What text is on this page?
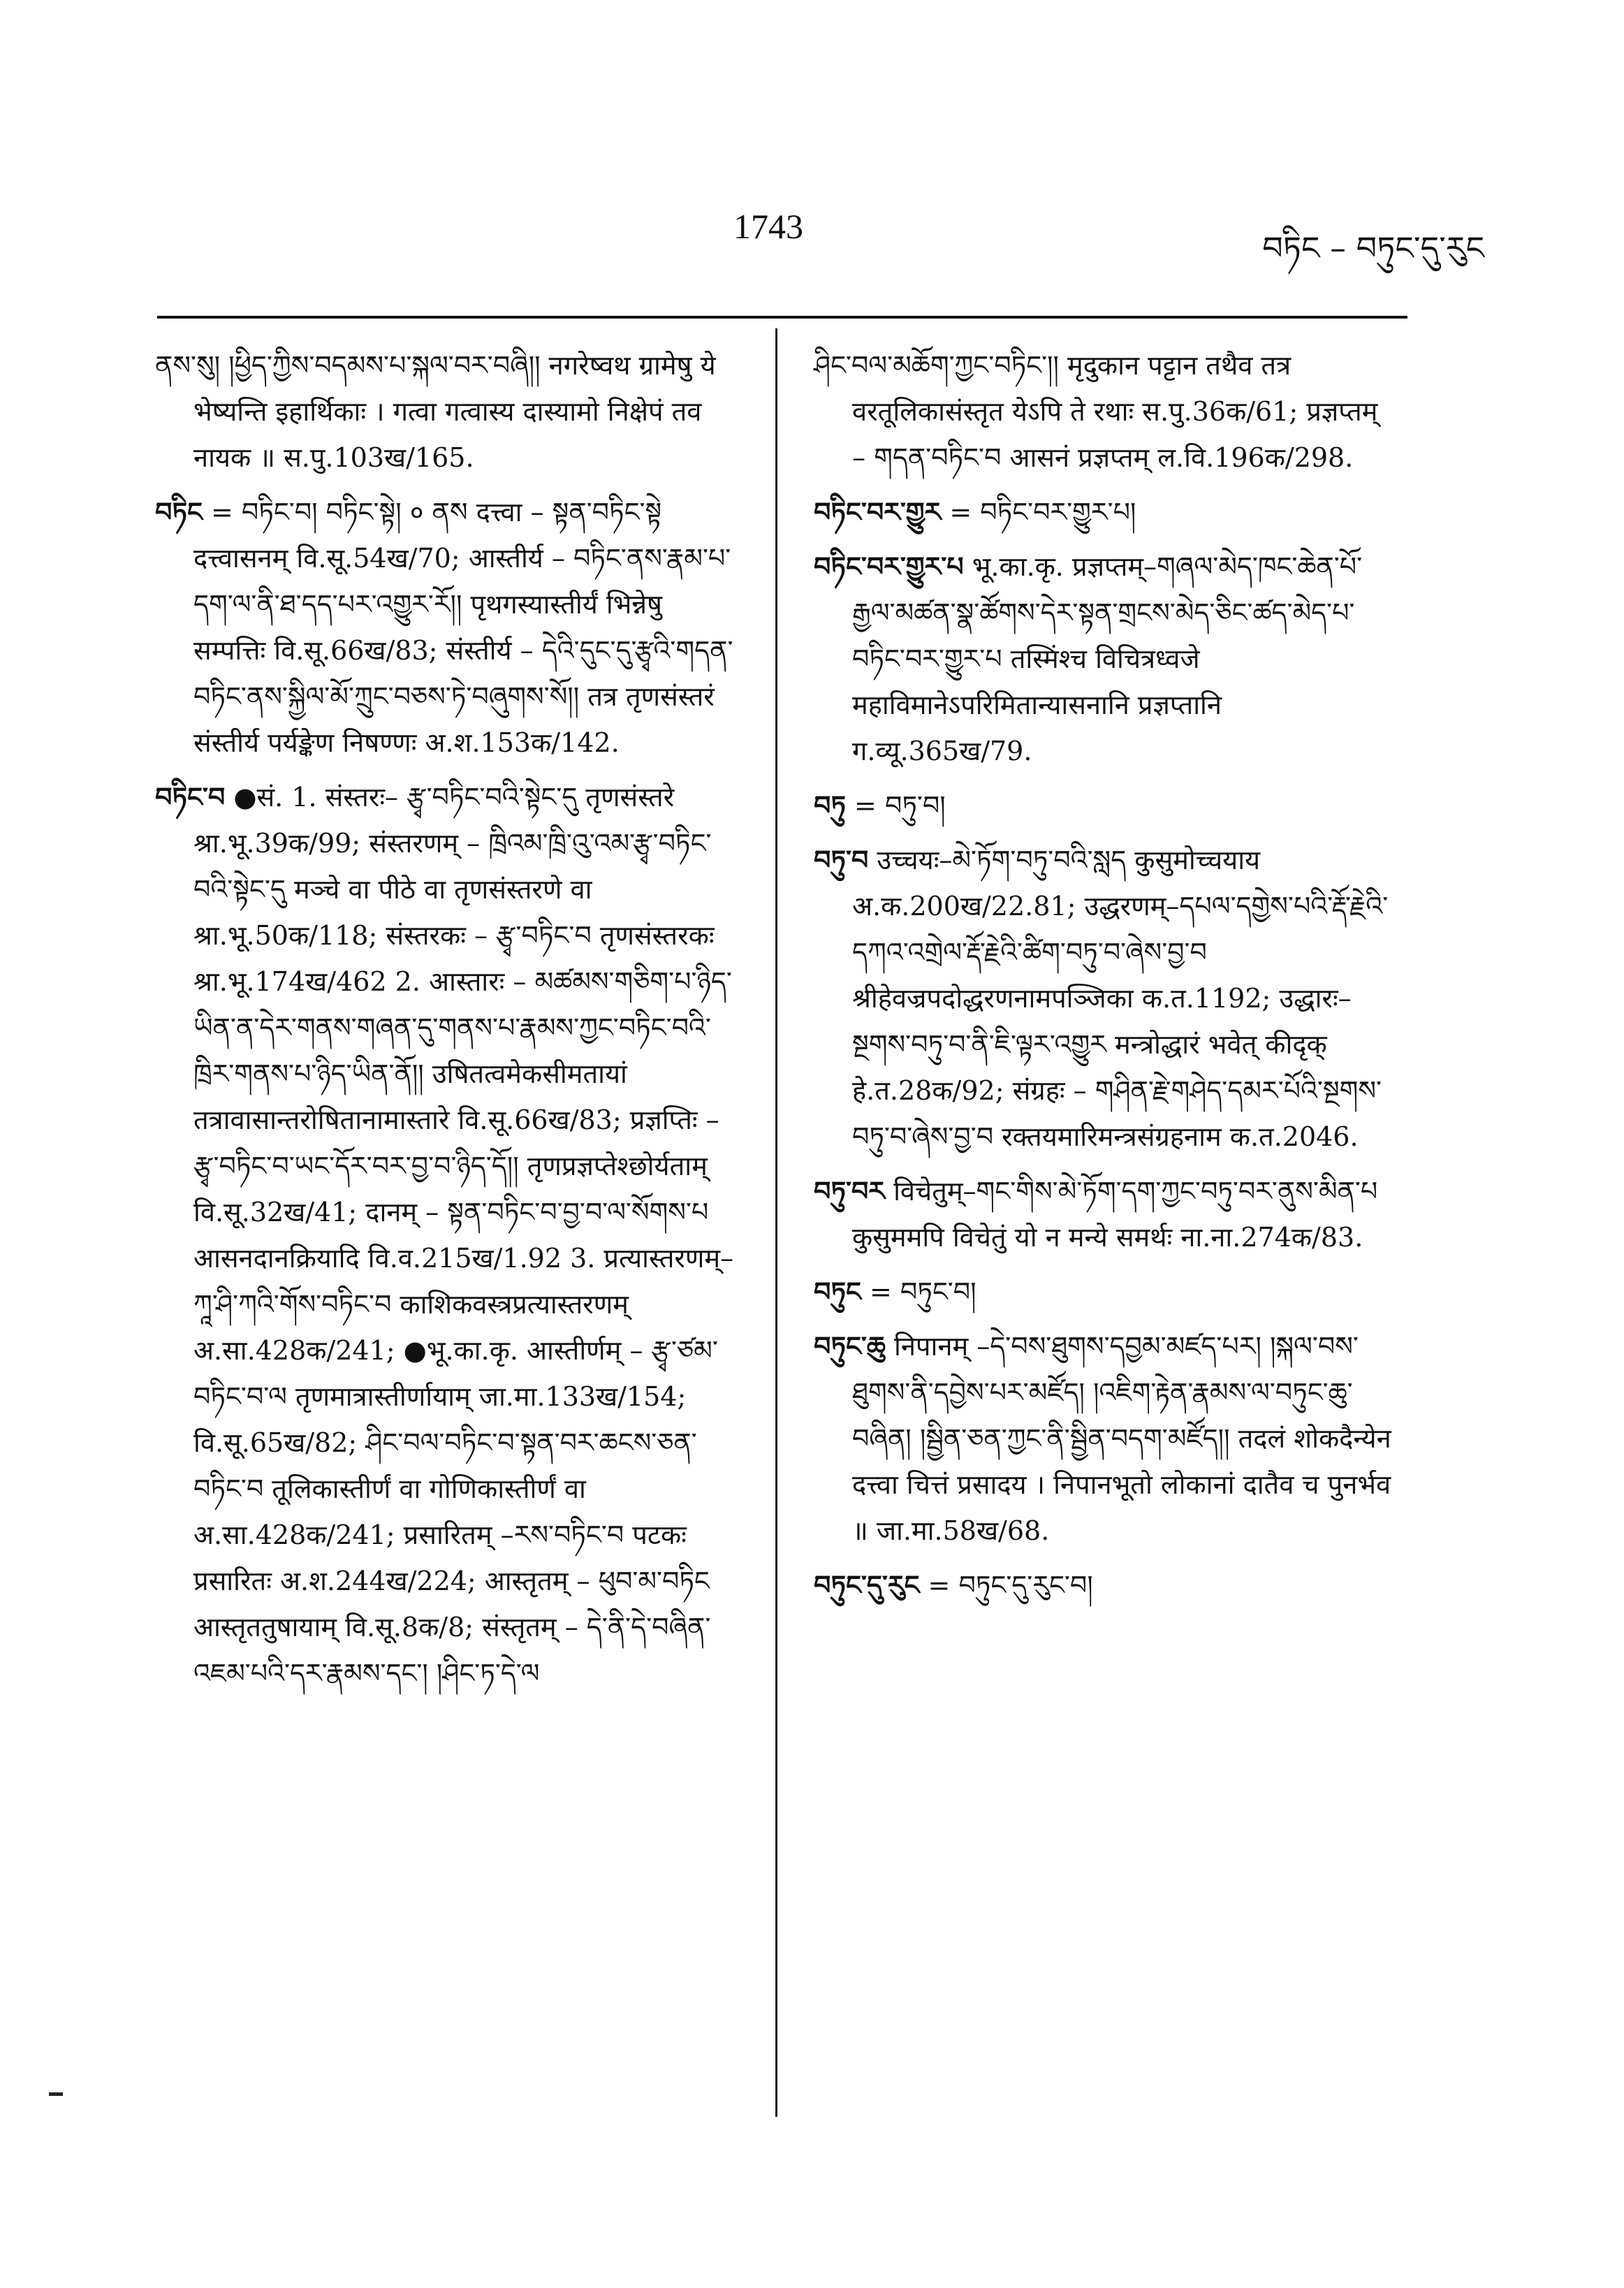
1743
བཏིང – བཏུང་དུ་རུང

ནས་སུ། །ཕྱིད་ཀྱིས་བདམས་པ་སྐལ་བར་བཞི།། नगरेष्वथ ग्रामेषु ये भेष्यन्ति इहार्थिकाः । गत्वा गत्वास्य दास्यामो निक्षेपं तव नायक ॥ स.पु.103ख/165.

བཏིང = བཏིང་བ། བཏིང་སྟེ། ० ནས दत्त्वा – སྟན་བཏིང་སྟེ दत्त्वासनम् वि.सू.54ख/70; आस्तीर्य – བཏིང་ནས་རྣམ་པ་དག་ལ་ནི་ཐ་དད་པར་འགྱུར་རོ།། पृथगस्यास्तीर्यं भिन्नेषु सम्पत्तिः वि.सू.66ख/83; संस्तीर्य – དེའི་དུང་དུ་རྩྭའི་གདན་བཏིང་ནས་སྐྱིལ་མོ་ཀྲུང་བཅས་ཏེ་བཞུགས་སོ།། तत्र तृणसंस्तरं संस्तीर्य पर्यङ्केण निषण्णः अ.श.153क/142.

བཏིང་བ ●सं. 1. संस्तरः– རྩྭ་བཏིང་བའི་སྟེང་དུ तृणसंस्तरे श्रा.भू.39क/99; संस्तरणम् – ཁྲིའམ་ཁྲི་འུ་འམ་རྩྭ་བཏིང་བའི་སྟེང་དུ मञ्चे वा पीठे वा तृणसंस्तरणे वा श्रा.भू.50क/118; संस्तरकः – རྩྭ་བཏིང་བ तृणसंस्तरकः श्रा.भू.174ख/462 2. आस्तारः – མཚམས་གཅིག་པ་ཉིད་ཡིན་ན་དེར་གནས་གཞན་དུ་གནས་པ་རྣམས་ཀྱང་བཏིང་བའི་ཁྲིར་གནས་པ་ཉིད་ཡིན་ནོ།། उषितत्वमेकसीमतायां तत्रावासान्तरोषितानामास्तारे वि.सू.66ख/83; प्रज्ञप्तिः – རྩྭ་བཏིང་བ་ཡང་དོར་བར་བྱ་བ་ཉིད་དོ།། तृणप्रज्ञप्तेश्छोर्यताम् वि.सू.32ख/41; दानम् – སྟན་བཏིང་བ་བྱ་བ་ལ་སོགས་པ आसनदानक्रियादि वि.व.215ख/1.92 3. प्रत्यास्तरणम्–ཀཱ་ཤི་ཀའི་གོས་བཏིང་བ काशिकवस्त्रप्रत्यास्तरणम् अ.सा.428क/241; ●भू.का.कृ. आस्तीर्णम् – རྩྭ་ཙམ་བཏིང་བ་ལ तृणमात्रास्तीर्णायाम् जा.मा.133ख/154; वि.सू.65ख/82; ཤིང་བལ་བཏིང་བ་སྟན་བར་ཆངས་ཅན་བཏིང་བ तूलिकास्तीर्णं वा गोणिकास्तीर्णं वा अ.सा.428क/241; प्रसारितम् –རས་བཏིང་བ पटकः प्रसारितः अ.श.244ख/224; आस्तृतम् – ཕུབ་མ་བཏིང आस्तृततुषायाम् वि.सू.8क/8; संस्तृतम् – དེ་ནི་དེ་བཞིན་འཇམ་པའི་དར་རྣམས་དང་། །ཤིང་ཏ་དེ་ལ

ཤིང་བལ་མཆོག་ཀྱང་བཏིང་།། मृदुकान पट्टान तथैव तत्र वरतूलिकासंस्तृत येऽपि ते रथाः स.पु.36क/61; प्रज्ञप्तम् – གདན་བཏིང་བ आसनं प्रज्ञप्तम् ल.वि.196क/298.

བཏིང་བར་གྱུར = བཏིང་བར་གྱུར་པ།

བཏིང་བར་གྱུར་པ भू.का.कृ. प्रज्ञप्तम्–གཞལ་མེད་ཁང་ཆེན་པོ་རྒྱལ་མཚན་སྣ་ཚོགས་དེར་སྟན་གྲངས་མེད་ཅིང་ཚད་མེད་པ་བཏིང་བར་གྱུར་པ तस्मिंश्च विचित्रध्वजे महाविमानेऽपरिमितान्यासनानि प्रज्ञप्तानि ग.व्यू.365ख/79.

བཏུ = བཏུ་བ།

བཏུ་བ उच्चयः–མེ་ཏོག་བཏུ་བའི་སླད कुसुमोच्चयाय अ.क.200ख/22.81; उद्धरणम्–དཔལ་དགྱེས་པའི་རྡོ་རྗེའི་དཀའ་འགྲེལ་རྡོ་རྗེའི་ཚིག་བཏུ་བ་ཞེས་བྱ་བ श्रीहेवज्रपदोद्धरणनामपञ्जिका क.त.1192; उद्धारः–སྔགས་བཏུ་བ་ནི་ཇི་ལྟར་འགྱུར मन्त्रोद्धारं भवेत् कीदृक् हे.त.28क/92; संग्रहः – གཤིན་རྗེ་གཤེད་དམར་པོའི་སྔགས་བཏུ་བ་ཞེས་བྱ་བ रक्तयमारिमन्त्रसंग्रहनाम क.त.2046.

བཏུ་བར विचेतुम्–གང་གིས་མེ་ཏོག་དག་ཀྱང་བཏུ་བར་ནུས་མིན་པ कुसुममपि विचेतुं यो न मन्ये समर्थः ना.ना.274क/83.

བཏུང = བཏུང་བ།

བཏུང་ཆུ निपानम् –དེ་བས་ཐུགས་དབྱམ་མཛད་པར། །སྐལ་བས་ཐུགས་ནི་དབྱེས་པར་མཛོད། །འཇིག་རྟེན་རྣམས་ལ་བཏུང་ཆུ་བཞིན། །སྦྱིན་ཅན་ཀྱང་ནི་སྦྱིན་བདག་མཛོད།། तदलं शोकदैन्येन दत्त्वा चित्तं प्रसादय । निपानभूतो लोकानां दातैव च पुनर्भव ॥ जा.मा.58ख/68.

བཏུང་དུ་རུང = བཏུང་དུ་རུང་བ།
